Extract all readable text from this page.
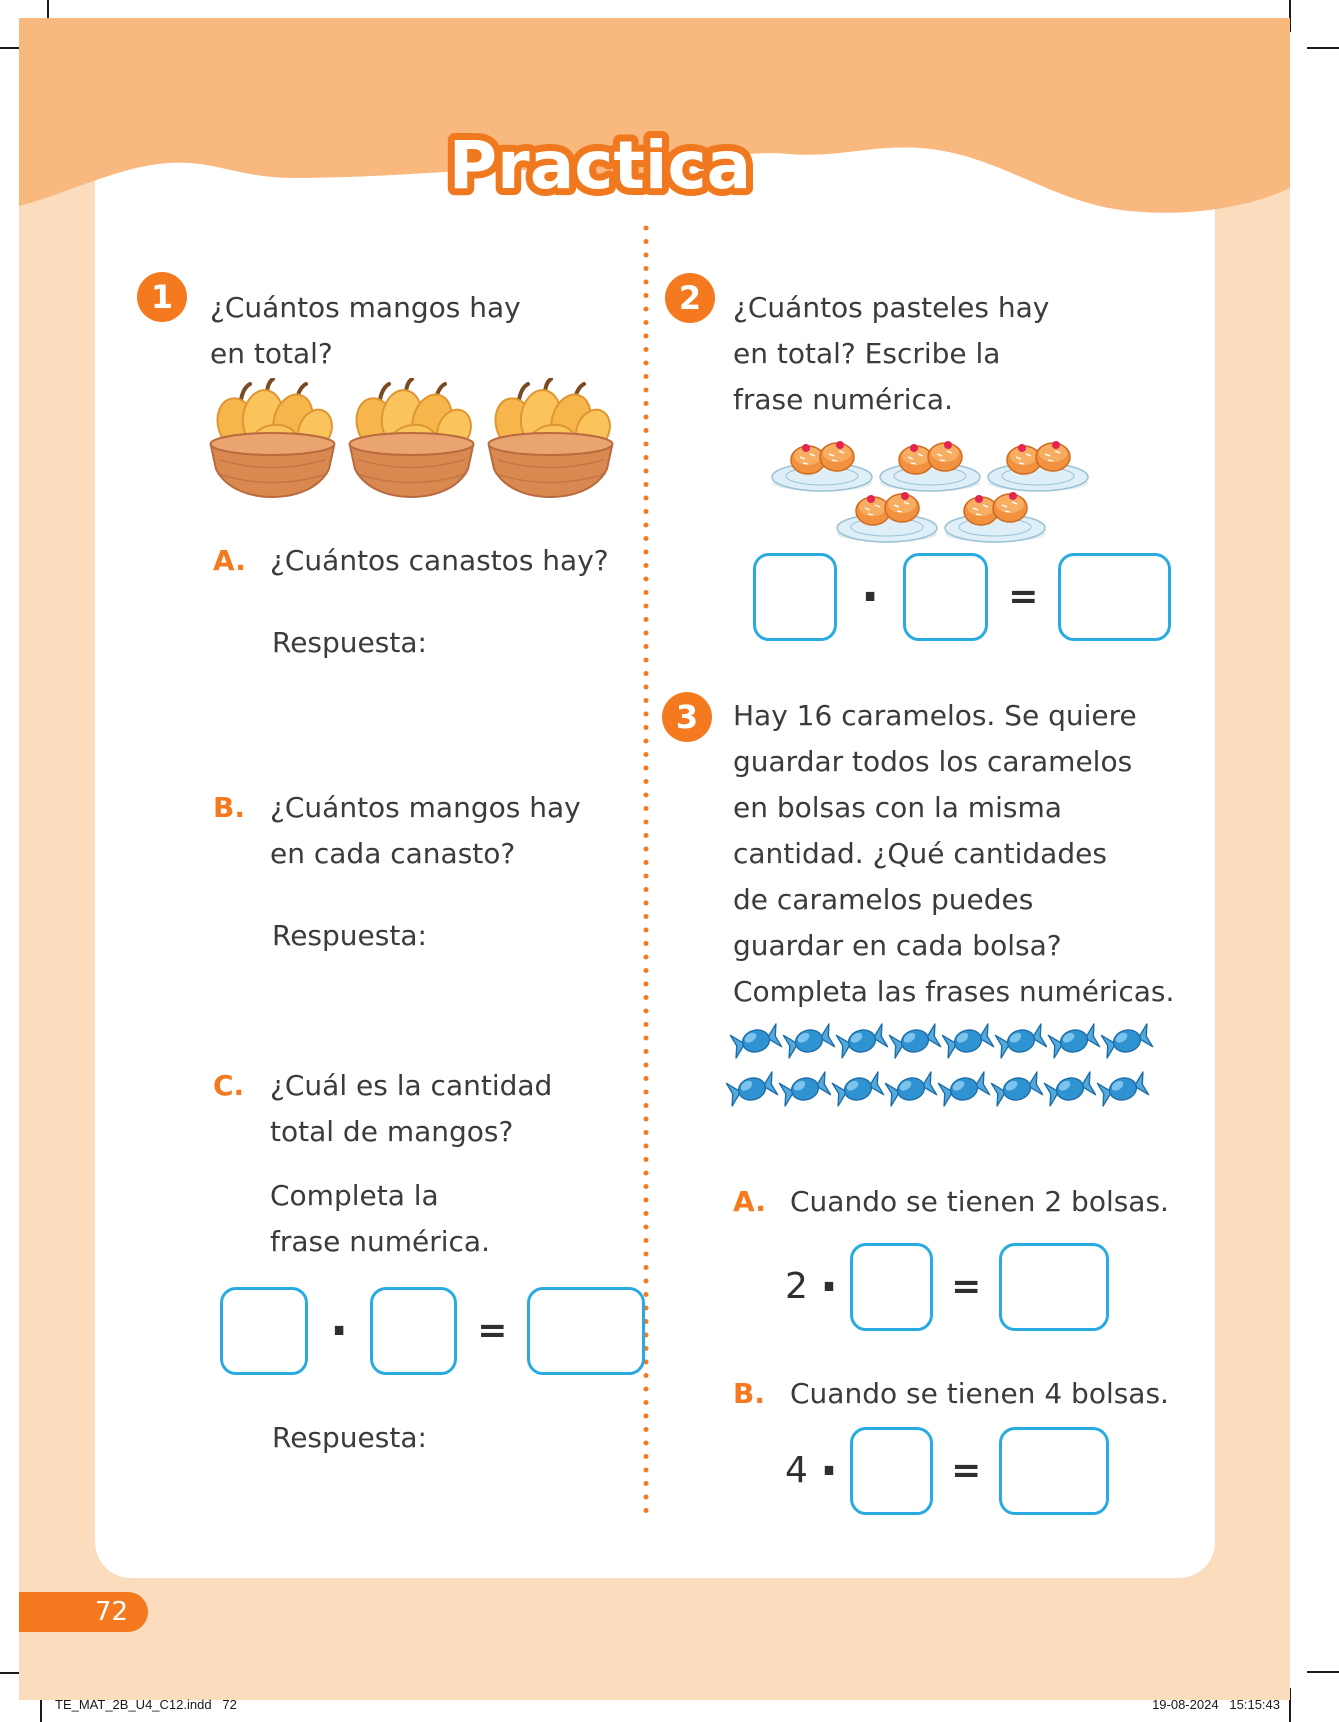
Practica
1 ¿Cuántos mangos hay
en total?
A. ¿Cuántos canastos hay?
Respuesta:
B. ¿Cuántos mangos hay
en cada canasto?
Respuesta:
C. ¿Cuál es la cantidad
total de mangos?
Completa la
frase numérica.
·	=
Respuesta:
2 ¿Cuántos pasteles hay
en total? Escribe la
frase numérica.
·	=
3 Hay 16 caramelos. Se quiere
guardar todos los caramelos
en bolsas con la misma
cantidad. ¿Qué cantidades
de caramelos puedes
guardar en cada bolsa?
Completa las frases numéricas.
A. Cuando se tienen 2 bolsas.
2 ·	=
B. Cuando se tienen 4 bolsas.
4 ·	=
72
TE_MAT_2B_U4_C12.indd   72	19-08-2024   15:15:43
